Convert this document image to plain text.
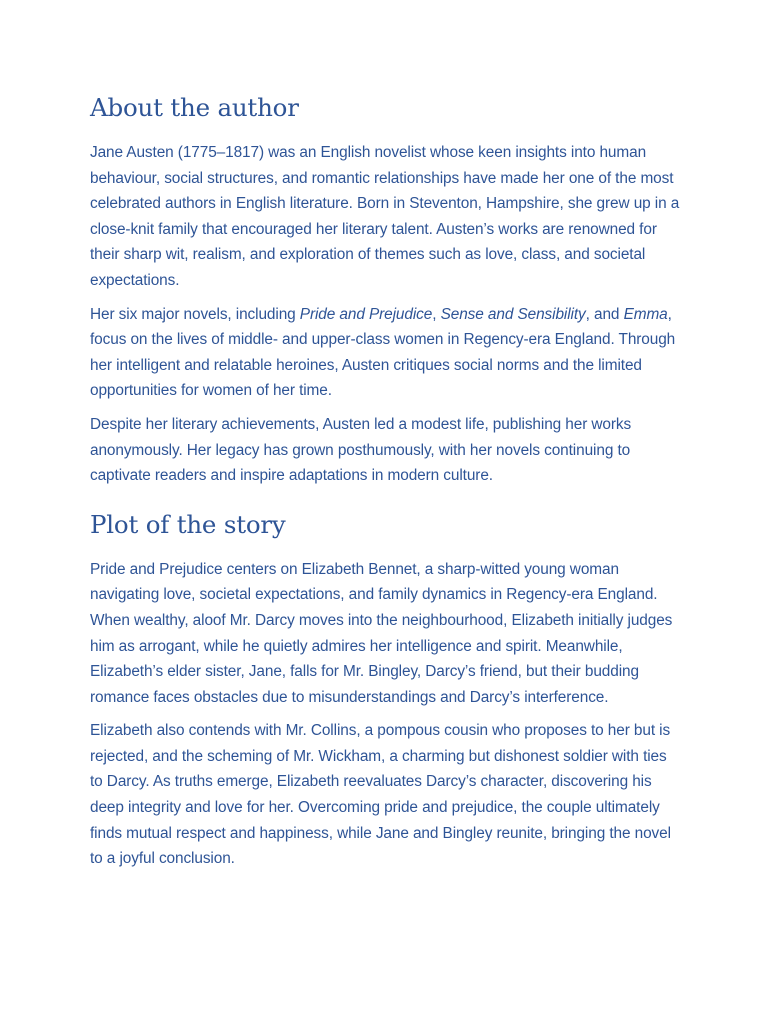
About the author

Jane Austen (1775–1817) was an English novelist whose keen insights into human behaviour, social structures, and romantic relationships have made her one of the most celebrated authors in English literature. Born in Steventon, Hampshire, she grew up in a close-knit family that encouraged her literary talent. Austen’s works are renowned for their sharp wit, realism, and exploration of themes such as love, class, and societal expectations.

Her six major novels, including Pride and Prejudice, Sense and Sensibility, and Emma, focus on the lives of middle- and upper-class women in Regency-era England. Through her intelligent and relatable heroines, Austen critiques social norms and the limited opportunities for women of her time.

Despite her literary achievements, Austen led a modest life, publishing her works anonymously. Her legacy has grown posthumously, with her novels continuing to captivate readers and inspire adaptations in modern culture.

Plot of the story

Pride and Prejudice centers on Elizabeth Bennet, a sharp-witted young woman navigating love, societal expectations, and family dynamics in Regency-era England. When wealthy, aloof Mr. Darcy moves into the neighbourhood, Elizabeth initially judges him as arrogant, while he quietly admires her intelligence and spirit. Meanwhile, Elizabeth’s elder sister, Jane, falls for Mr. Bingley, Darcy’s friend, but their budding romance faces obstacles due to misunderstandings and Darcy’s interference.

Elizabeth also contends with Mr. Collins, a pompous cousin who proposes to her but is rejected, and the scheming of Mr. Wickham, a charming but dishonest soldier with ties to Darcy. As truths emerge, Elizabeth reevaluates Darcy’s character, discovering his deep integrity and love for her. Overcoming pride and prejudice, the couple ultimately finds mutual respect and happiness, while Jane and Bingley reunite, bringing the novel to a joyful conclusion.
